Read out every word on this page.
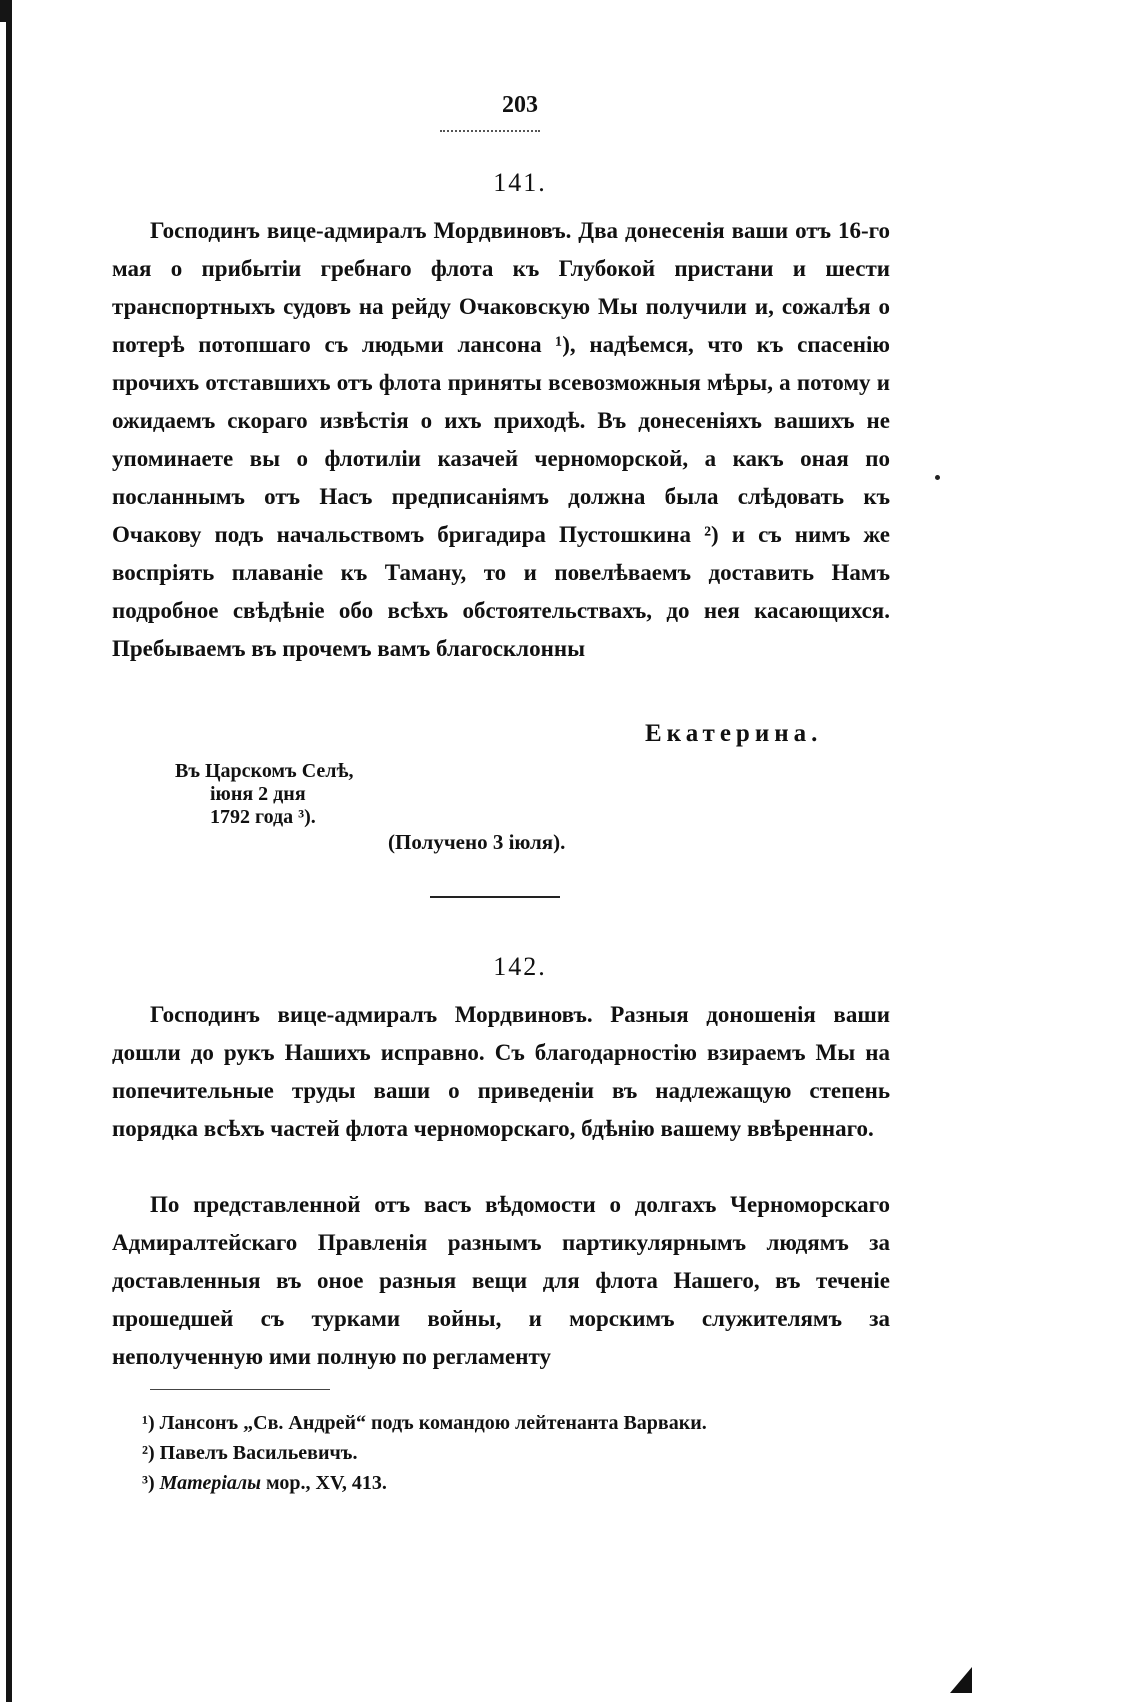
203
141.

Господинъ вице-адмиралъ Мордвиновъ. Два донесенія ваши отъ 16-го мая о прибытіи гребнаго флота къ Глубокой пристани и шести транспортныхъ судовъ на рейду Очаковскую Мы получили и, сожалѣя о потерѣ потопшаго съ людьми лансона ¹), надѣемся, что къ спасенію прочихъ отставшихъ отъ флота приняты всевозможныя мѣры, а потому и ожидаемъ скораго извѣстія о ихъ приходѣ. Въ донесеніяхъ вашихъ не упоминаете вы о флотиліи казачей черноморской, а какъ оная по посланнымъ отъ Насъ предписаніямъ должна была слѣдовать къ Очакову подъ начальствомъ бригадира Пустошкина ²) и съ нимъ же воспріять плаваніе къ Таману, то и повелѣваемъ доставить Намъ подробное свѣдѣніе обо всѣхъ обстоятельствахъ, до нея касающихся. Пребываемъ въ прочемъ вамъ благосклонны

Екатерина.
Въ Царскомъ Селѣ,
іюня 2 дня
1792 года ³).
(Получено 3 іюля).
142.

Господинъ вице-адмиралъ Мордвиновъ. Разныя доношенія ваши дошли до рукъ Нашихъ исправно. Съ благодарностію взираемъ Мы на попечительные труды ваши о приведеніи въ надлежащую степень порядка всѣхъ частей флота черноморскаго, бдѣнію вашему ввѣреннаго.

По представленной отъ васъ вѣдомости о долгахъ Черноморскаго Адмиралтейскаго Правленія разнымъ партикулярнымъ людямъ за доставленныя въ оное разныя вещи для флота Нашего, въ теченіе прошедшей съ турками войны, и морскимъ служителямъ за неполученную ими полную по регламенту

¹) Лансонъ „Св. Андрей“ подъ командою лейтенанта Варваки.
²) Павелъ Васильевичъ.
³) Матеріалы мор., XV, 413.
